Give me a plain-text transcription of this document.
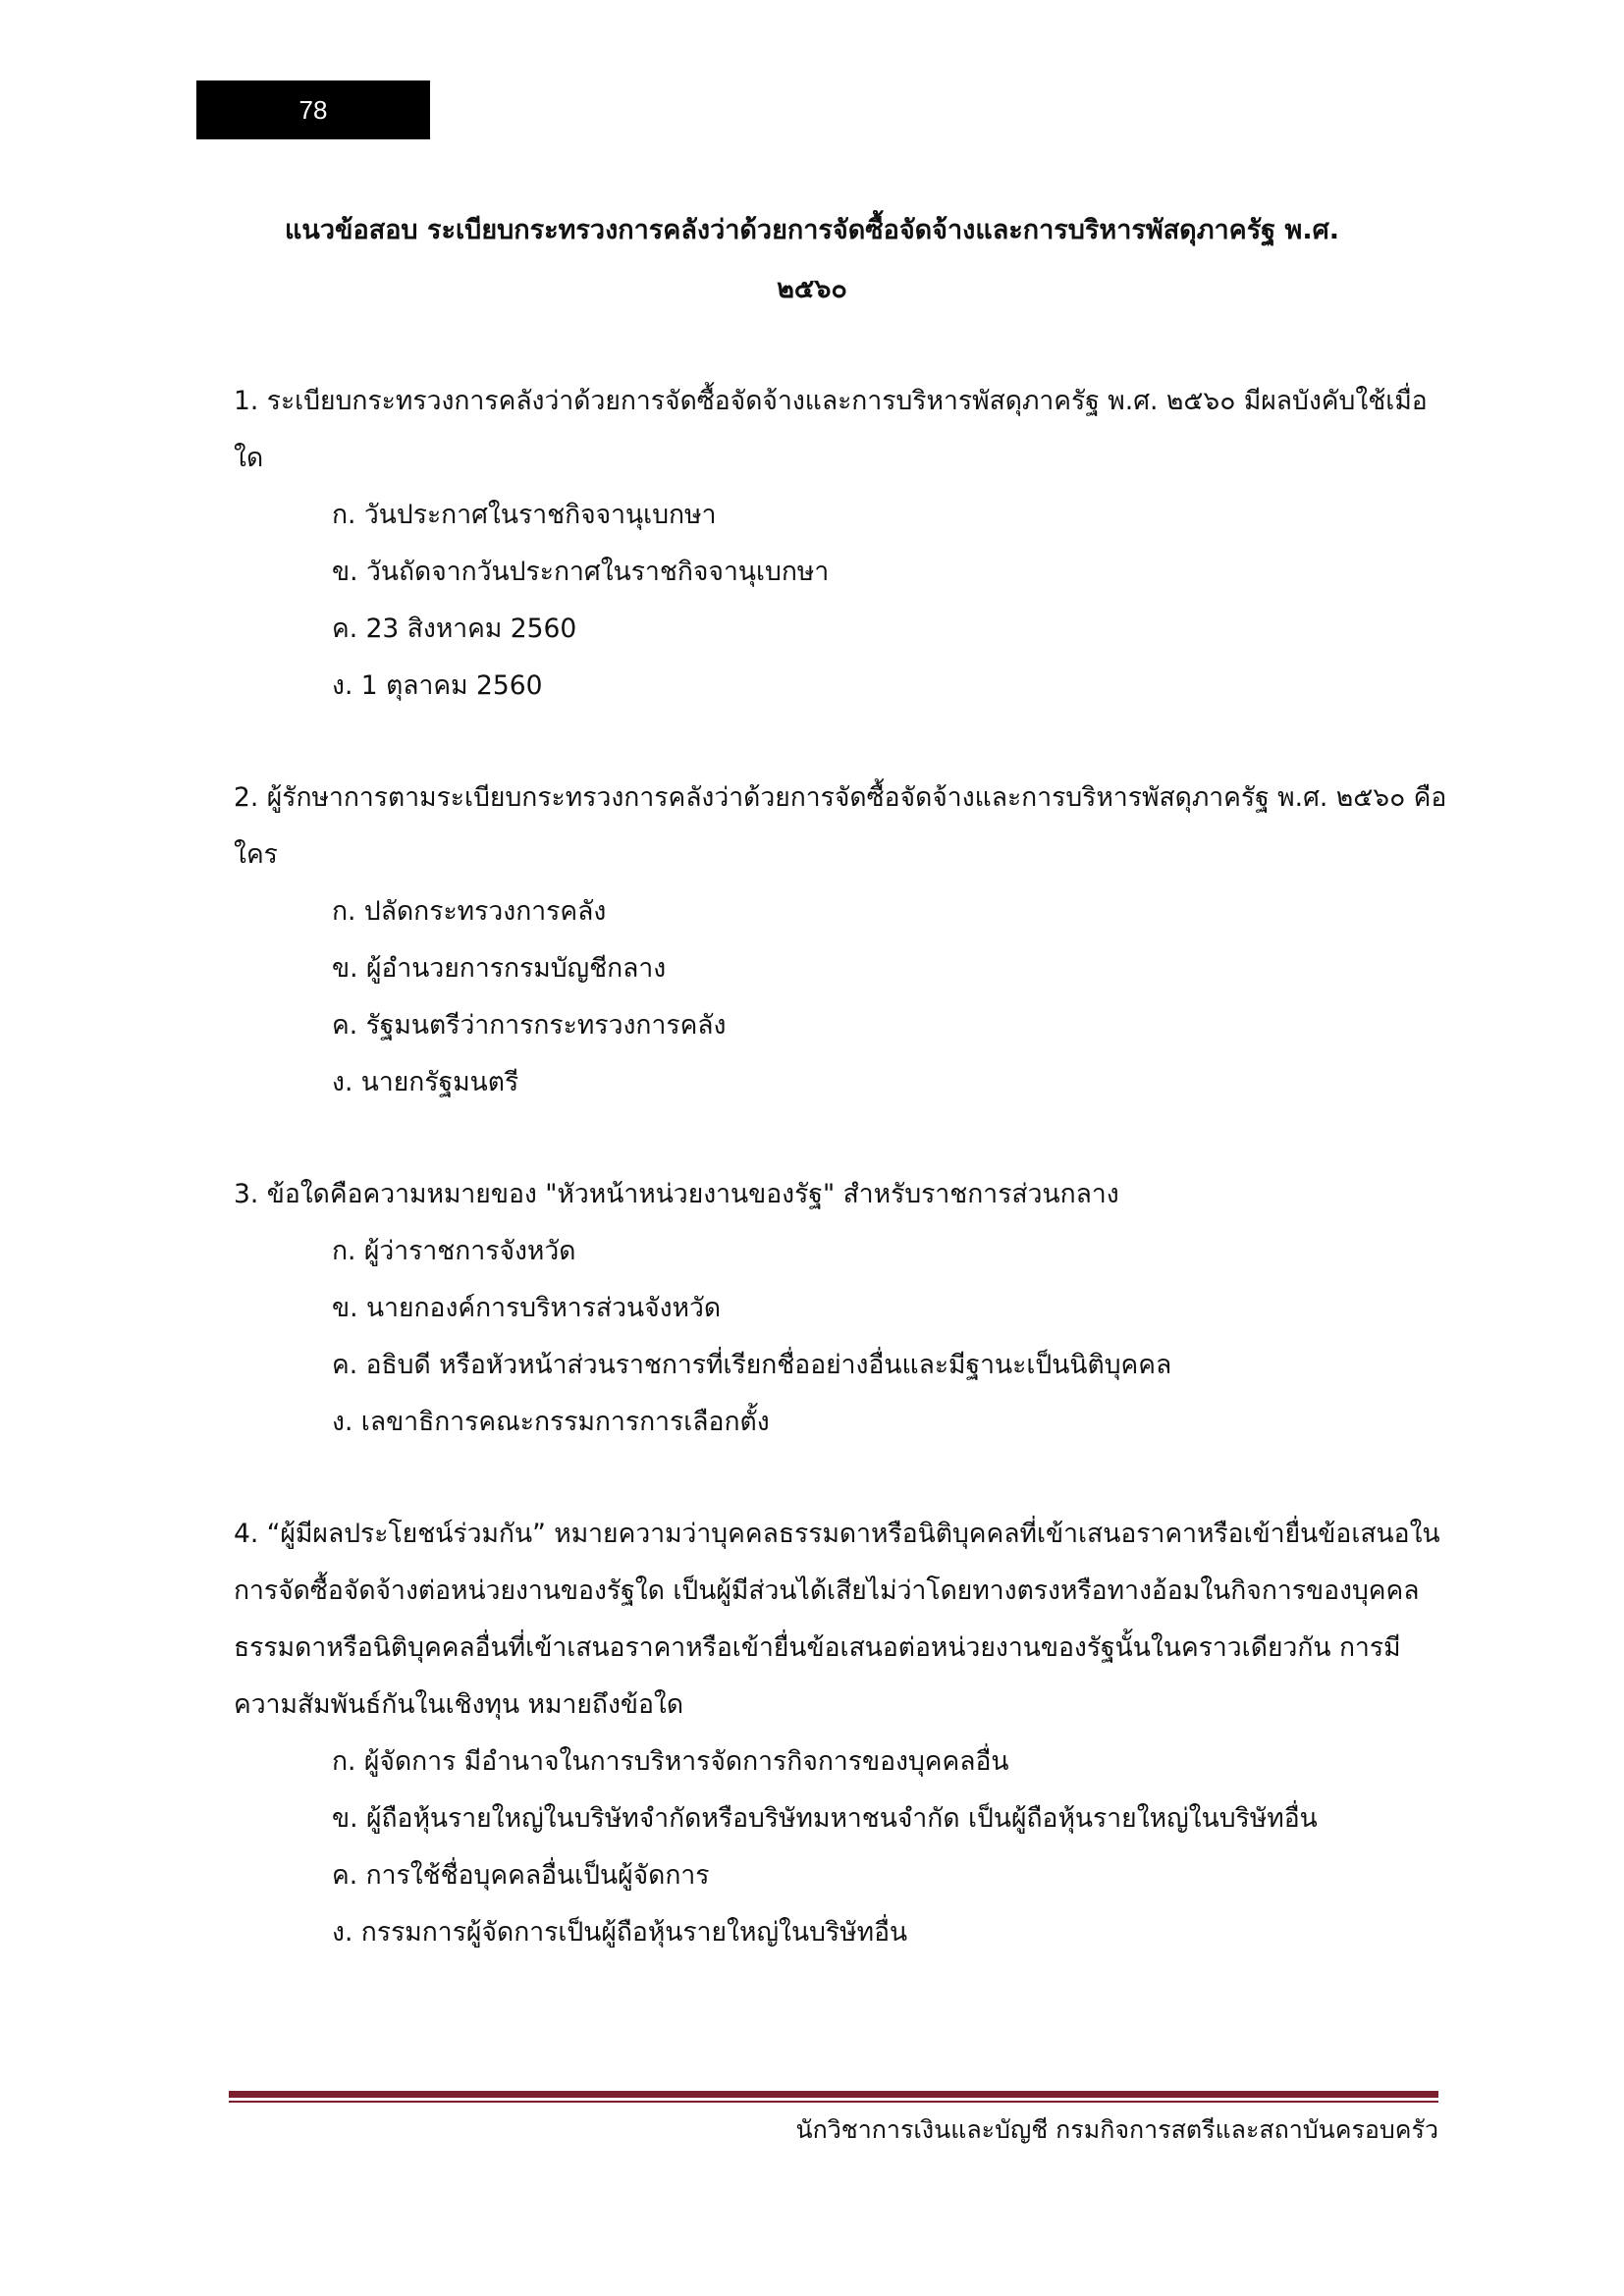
78
แนวข้อสอบ ระเบียบกระทรวงการคลังว่าด้วยการจัดซื้อจัดจ้างและการบริหารพัสดุภาครัฐ พ.ศ.
๒๕๖๐

1. ระเบียบกระทรวงการคลังว่าด้วยการจัดซื้อจัดจ้างและการบริหารพัสดุภาครัฐ พ.ศ. ๒๕๖๐ มีผลบังคับใช้เมื่อใด

ก. วันประกาศในราชกิจจานุเบกษา
ข. วันถัดจากวันประกาศในราชกิจจานุเบกษา
ค. 23 สิงหาคม 2560
ง. 1 ตุลาคม 2560

2. ผู้รักษาการตามระเบียบกระทรวงการคลังว่าด้วยการจัดซื้อจัดจ้างและการบริหารพัสดุภาครัฐ พ.ศ. ๒๕๖๐ คือใคร

ก. ปลัดกระทรวงการคลัง
ข. ผู้อำนวยการกรมบัญชีกลาง
ค. รัฐมนตรีว่าการกระทรวงการคลัง
ง. นายกรัฐมนตรี

3. ข้อใดคือความหมายของ "หัวหน้าหน่วยงานของรัฐ" สำหรับราชการส่วนกลาง

ก. ผู้ว่าราชการจังหวัด
ข. นายกองค์การบริหารส่วนจังหวัด
ค. อธิบดี หรือหัวหน้าส่วนราชการที่เรียกชื่ออย่างอื่นและมีฐานะเป็นนิติบุคคล
ง. เลขาธิการคณะกรรมการการเลือกตั้ง

4. “ผู้มีผลประโยชน์ร่วมกัน” หมายความว่าบุคคลธรรมดาหรือนิติบุคคลที่เข้าเสนอราคาหรือเข้ายื่นข้อเสนอในการจัดซื้อจัดจ้างต่อหน่วยงานของรัฐใด เป็นผู้มีส่วนได้เสียไม่ว่าโดยทางตรงหรือทางอ้อมในกิจการของบุคคลธรรมดาหรือนิติบุคคลอื่นที่เข้าเสนอราคาหรือเข้ายื่นข้อเสนอต่อหน่วยงานของรัฐนั้นในคราวเดียวกัน การมีความสัมพันธ์กันในเชิงทุน หมายถึงข้อใด

ก. ผู้จัดการ มีอำนาจในการบริหารจัดการกิจการของบุคคลอื่น
ข. ผู้ถือหุ้นรายใหญ่ในบริษัทจำกัดหรือบริษัทมหาชนจำกัด เป็นผู้ถือหุ้นรายใหญ่ในบริษัทอื่น
ค. การใช้ชื่อบุคคลอื่นเป็นผู้จัดการ
ง. กรรมการผู้จัดการเป็นผู้ถือหุ้นรายใหญ่ในบริษัทอื่น
นักวิชาการเงินและบัญชี กรมกิจการสตรีและสถาบันครอบครัว
